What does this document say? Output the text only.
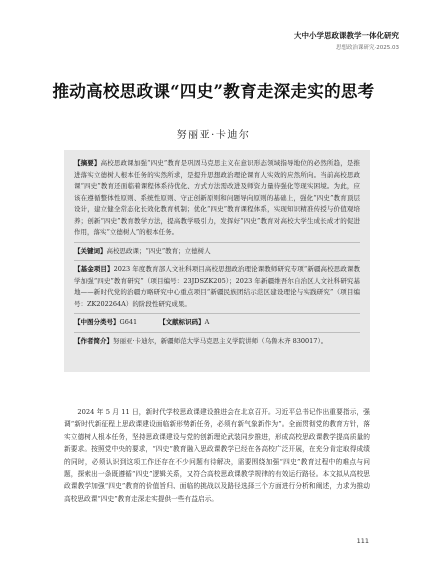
大中小学思政课教学一体化研究
思想政治课研究·2025.03
推动高校思政课“四史”教育走深走实的思考
努丽亚·卡迪尔
【摘要】高校思政课加强“四史”教育是巩固马克思主义在意识形态领域指导地位的必然所趋，是推进落实立德树人根本任务的实然所求，是提升思想政治理论课育人实效的应然所向。当前高校思政课“四史”教育还面临着课程体系待优化、方式方法需改进及师资力量待强化等现实困境。为此，应该在遵循整体性原则、系统性原则、守正创新原则和问题导向原则的基础上，强化“四史”教育顶层设计，建立健全常态化长效化教育机制；优化“四史”教育课程体系，实现知识精准传授与价值观培养；创新“四史”教育教学方法，提高教学吸引力，发挥好“四史”教育对高校大学生成长成才的促进作用，落实“立德树人”的根本任务。
【关键词】高校思政课；“四史”教育；立德树人
【基金项目】2023 年度教育部人文社科项目高校思想政治理论课教师研究专项“新疆高校思政课教学加强“四史”教育研究”（项目编号：23JDSZK205）；2023 年新疆维吾尔自治区人文社科研究基地——新时代党的治疆方略研究中心重点项目“新疆民族团结示范区建设理论与实践研究”（项目编号：ZK202264A）的阶段性研究成果。
【中图分类号】G641	【文献标识码】A
【作者简介】努丽亚·卡迪尔，新疆师范大学马克思主义学院讲师（乌鲁木齐 830017）。
2024 年 5 月 11 日，新时代学校思政课建设推进会在北京召开。习近平总书记作出重要指示，强调“新时代新征程上思政课建设面临新形势新任务，必须有新气象新作为”。全面贯彻党的教育方针，落实立德树人根本任务，坚持思政课建设与党的创新理论武装同步推进，形成高校思政课教学提高质量的新要求。按照党中央的要求，“四史”教育融入思政课教学已经在各高校广泛开展，在充分肯定取得成绩的同时，必须认识到这项工作还存在不少问题有待解决，需要围绕加强“四史”教育过程中的难点与问题，探索出一条既遵循“四史”逻辑关系，又符合高校思政课教学规律的有效运行路径。本文拟从高校思政课教学加强“四史”教育的价值旨归、面临的挑战以及路径选择三个方面进行分析和阐述，力求为推动高校思政课“四史”教育走深走实提供一些有益启示。
111
